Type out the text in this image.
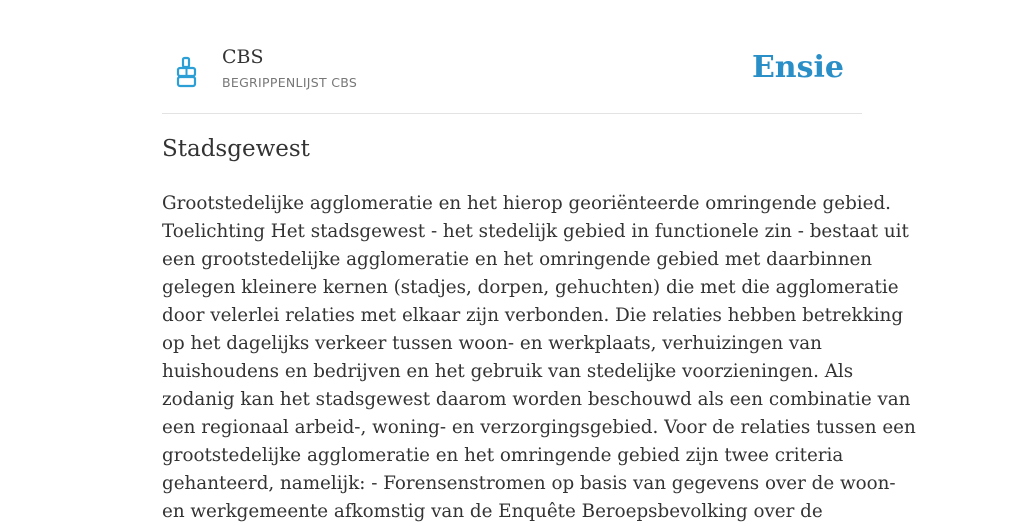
CBS
BEGRIPPENLIJST CBS	Ensie
Stadsgewest
Grootstedelijke agglomeratie en het hierop georiënteerde omringende gebied.
Toelichting Het stadsgewest - het stedelijk gebied in functionele zin - bestaat uit
een grootstedelijke agglomeratie en het omringende gebied met daarbinnen
gelegen kleinere kernen (stadjes, dorpen, gehuchten) die met die agglomeratie
door velerlei relaties met elkaar zijn verbonden. Die relaties hebben betrekking
op het dagelijks verkeer tussen woon- en werkplaats, verhuizingen van
huishoudens en bedrijven en het gebruik van stedelijke voorzieningen. Als
zodanig kan het stadsgewest daarom worden beschouwd als een combinatie van
een regionaal arbeid-, woning- en verzorgingsgebied. Voor de relaties tussen een
grootstedelijke agglomeratie en het omringende gebied zijn twee criteria
gehanteerd, namelijk: - Forensenstromen op basis van gegevens over de woon-
en werkgemeente afkomstig van de Enquête Beroepsbevolking over de
